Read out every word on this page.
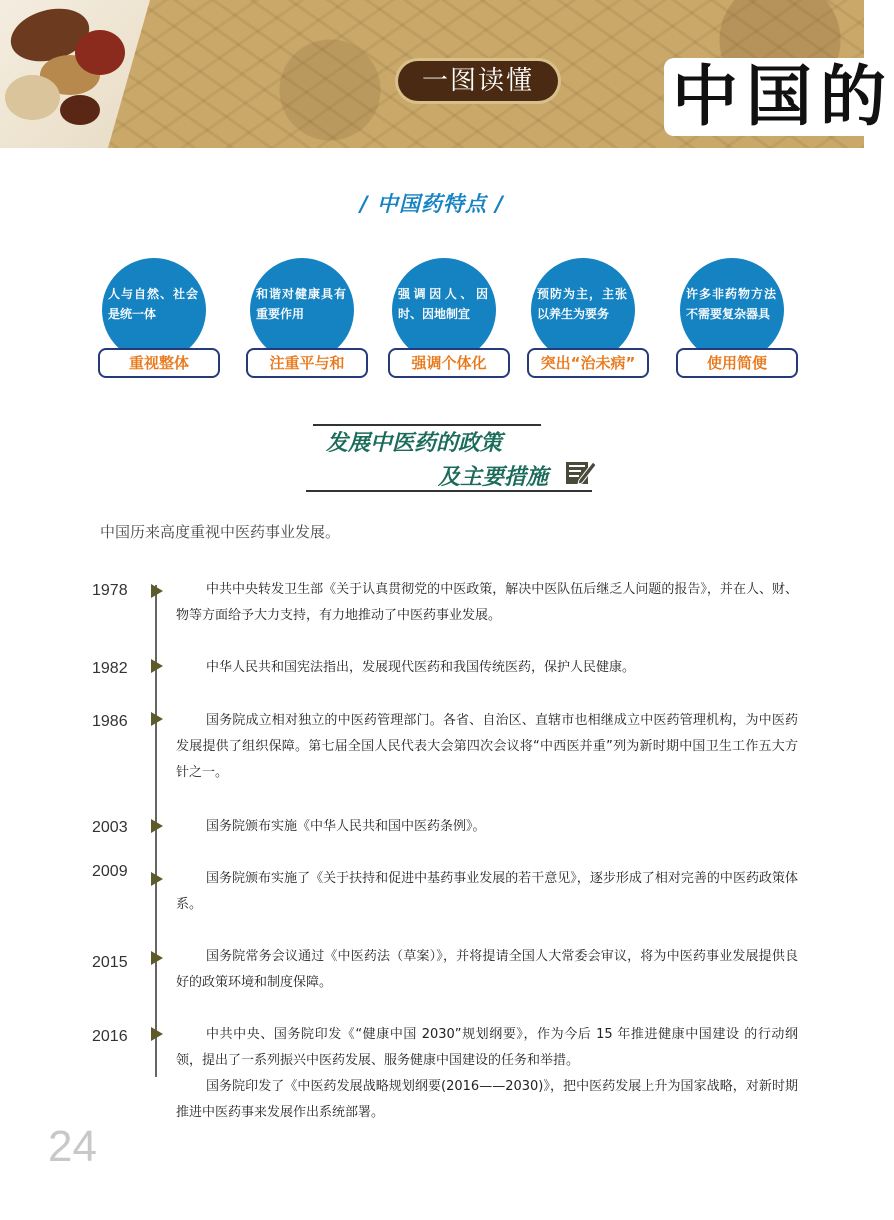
一图读懂	中国的
/ 中国药特点 /
人与自然、社会是统一体
重视整体
和谐对健康具有重要作用
注重平与和
强调因人、因时、因地制宜
强调个体化
预防为主，主张以养生为要务
突出“治未病”
许多非药物方法不需要复杂器具
使用简便
发展中医药的政策
及主要措施
中国历来高度重视中医药事业发展。
1978	中共中央转发卫生部《关于认真贯彻党的中医政策，解决中医队伍后继乏人问题的报告》，并在人、财、物等方面给予大力支持，有力地推动了中医药事业发展。
1982	中华人民共和国宪法指出，发展现代医药和我国传统医药，保护人民健康。
1986	国务院成立相对独立的中医药管理部门。各省、自治区、直辖市也相继成立中医药管理机构，为中医药发展提供了组织保障。第七届全国人民代表大会第四次会议将“中西医并重”列为新时期中国卫生工作五大方针之一。
2003	国务院颁布实施《中华人民共和国中医药条例》。
2009	国务院颁布实施了《关于扶持和促进中基药事业发展的若干意见》，逐步形成了相对完善的中医药政策体系。
2015	国务院常务会议通过《中医药法（草案）》，并将提请全国人大常委会审议，将为中医药事业发展提供良好的政策环境和制度保障。
2016	中共中央、国务院印发《“健康中国 2030”规划纲要》，作为今后 15 年推进健康中国建设 的行动纲领，提出了一系列振兴中医药发展、服务健康中国建设的任务和举措。
国务院印发了《中医药发展战略规划纲要(2016——2030)》，把中医药发展上升为国家战略，对新时期推进中医药事来发展作出系统部署。
24
